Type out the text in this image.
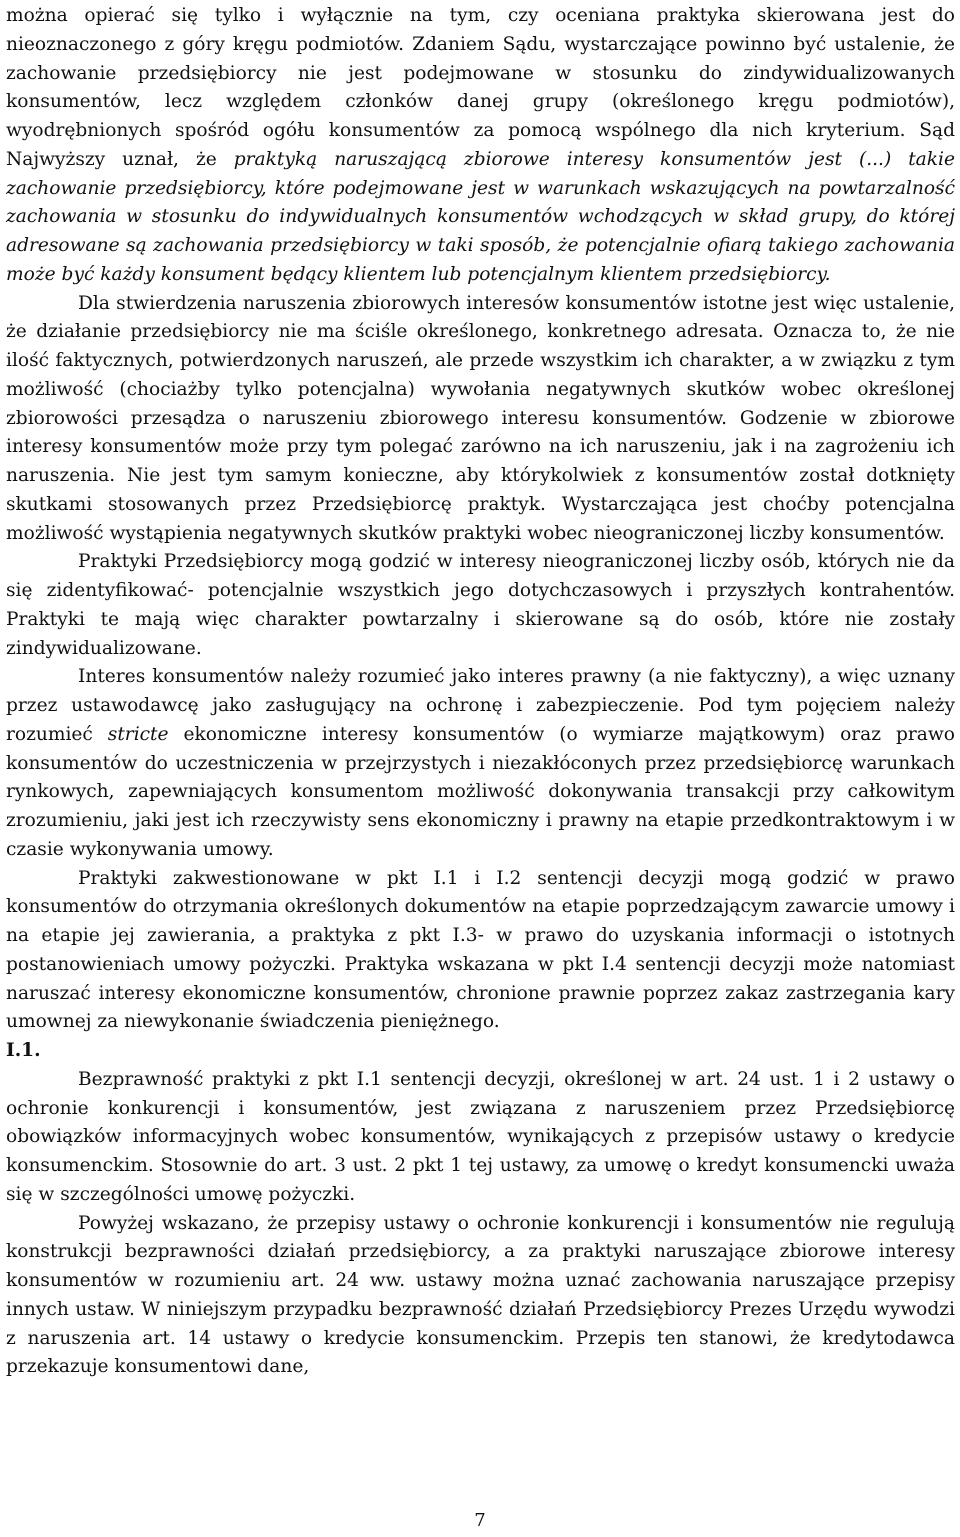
można opierać się tylko i wyłącznie na tym, czy oceniana praktyka skierowana jest do nieoznaczonego z góry kręgu podmiotów. Zdaniem Sądu, wystarczające powinno być ustalenie, że zachowanie przedsiębiorcy nie jest podejmowane w stosunku do zindywidualizowanych konsumentów, lecz względem członków danej grupy (określonego kręgu podmiotów), wyodrębnionych spośród ogółu konsumentów za pomocą wspólnego dla nich kryterium. Sąd Najwyższy uznał, że praktyką naruszającą zbiorowe interesy konsumentów jest (...) takie zachowanie przedsiębiorcy, które podejmowane jest w warunkach wskazujących na powtarzalność zachowania w stosunku do indywidualnych konsumentów wchodzących w skład grupy, do której adresowane są zachowania przedsiębiorcy w taki sposób, że potencjalnie ofiarą takiego zachowania może być każdy konsument będący klientem lub potencjalnym klientem przedsiębiorcy.

Dla stwierdzenia naruszenia zbiorowych interesów konsumentów istotne jest więc ustalenie, że działanie przedsiębiorcy nie ma ściśle określonego, konkretnego adresata. Oznacza to, że nie ilość faktycznych, potwierdzonych naruszeń, ale przede wszystkim ich charakter, a w związku z tym możliwość (chociażby tylko potencjalna) wywołania negatywnych skutków wobec określonej zbiorowości przesądza o naruszeniu zbiorowego interesu konsumentów. Godzenie w zbiorowe interesy konsumentów może przy tym polegać zarówno na ich naruszeniu, jak i na zagrożeniu ich naruszenia. Nie jest tym samym konieczne, aby którykolwiek z konsumentów został dotknięty skutkami stosowanych przez Przedsiębiorcę praktyk. Wystarczająca jest choćby potencjalna możliwość wystąpienia negatywnych skutków praktyki wobec nieograniczonej liczby konsumentów.

Praktyki Przedsiębiorcy mogą godzić w interesy nieograniczonej liczby osób, których nie da się zidentyfikować- potencjalnie wszystkich jego dotychczasowych i przyszłych kontrahentów. Praktyki te mają więc charakter powtarzalny i skierowane są do osób, które nie zostały zindywidualizowane.

Interes konsumentów należy rozumieć jako interes prawny (a nie faktyczny), a więc uznany przez ustawodawcę jako zasługujący na ochronę i zabezpieczenie. Pod tym pojęciem należy rozumieć stricte ekonomiczne interesy konsumentów (o wymiarze majątkowym) oraz prawo konsumentów do uczestniczenia w przejrzystych i niezakłóconych przez przedsiębiorcę warunkach rynkowych, zapewniających konsumentom możliwość dokonywania transakcji przy całkowitym zrozumieniu, jaki jest ich rzeczywisty sens ekonomiczny i prawny na etapie przedkontraktowym i w czasie wykonywania umowy.

Praktyki zakwestionowane w pkt I.1 i I.2 sentencji decyzji mogą godzić w prawo konsumentów do otrzymania określonych dokumentów na etapie poprzedzającym zawarcie umowy i na etapie jej zawierania, a praktyka z pkt I.3- w prawo do uzyskania informacji o istotnych postanowieniach umowy pożyczki. Praktyka wskazana w pkt I.4 sentencji decyzji może natomiast naruszać interesy ekonomiczne konsumentów, chronione prawnie poprzez zakaz zastrzegania kary umownej za niewykonanie świadczenia pieniężnego.

I.1.

Bezprawność praktyki z pkt I.1 sentencji decyzji, określonej w art. 24 ust. 1 i 2 ustawy o ochronie konkurencji i konsumentów, jest związana z naruszeniem przez Przedsiębiorcę obowiązków informacyjnych wobec konsumentów, wynikających z przepisów ustawy o kredycie konsumenckim. Stosownie do art. 3 ust. 2 pkt 1 tej ustawy, za umowę o kredyt konsumencki uważa się w szczególności umowę pożyczki.

Powyżej wskazano, że przepisy ustawy o ochronie konkurencji i konsumentów nie regulują konstrukcji bezprawności działań przedsiębiorcy, a za praktyki naruszające zbiorowe interesy konsumentów w rozumieniu art. 24 ww. ustawy można uznać zachowania naruszające przepisy innych ustaw. W niniejszym przypadku bezprawność działań Przedsiębiorcy Prezes Urzędu wywodzi z naruszenia art. 14 ustawy o kredycie konsumenckim. Przepis ten stanowi, że kredytodawca przekazuje konsumentowi dane,

7
